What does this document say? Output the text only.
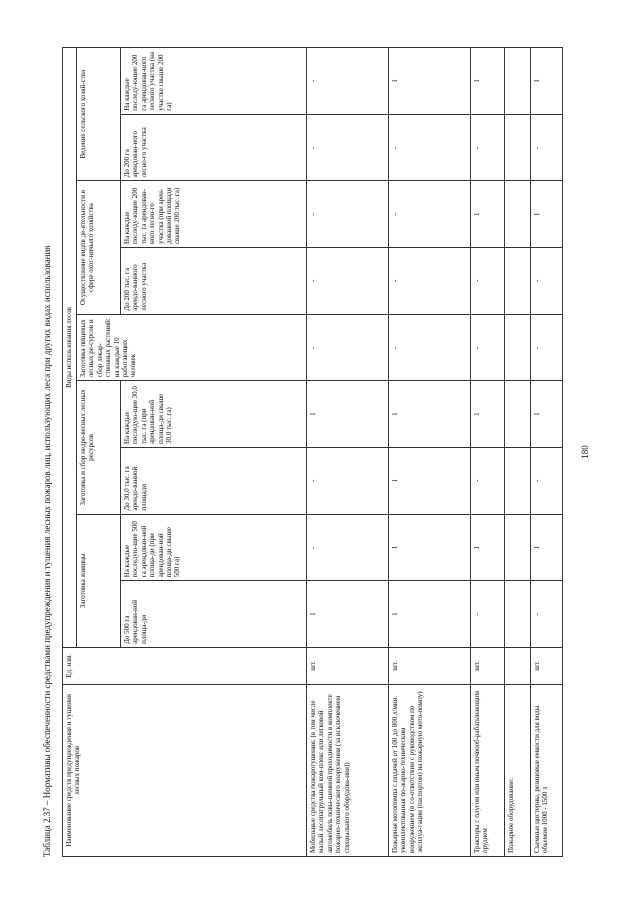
Таблица 2.37 – Нормативы обеспеченности средствами предупреждения и тушения лесных пожаров лиц, использующих леса при других видах использования Наименование средств предупреждения и тушения лесных пожаров	Ед. изм.	Виды использования лесов								
		Заготовка живицы		Заготовка и сбор недре-весных лесных ресурсов		Заготовка пищевых лесных ре-сурсов и сбор лекар-ственных растений: на каждые 10 работающих человек	Осуществление видов де-ятельности в сфере охот-ничьего хозяйства		Ведение сельского хозяй-ства	
		До 500 га арендован-ной площа-ди	На каждые последую-щие 500 га арендован-ной площа-ди (при арендован-ной площа-ди свыше 500 га)	До 30,0 тыс. га арендо-ванной площади	На каждые последую-щие 30,0 тыс. га (при арендован-ной площа-ди свыше 30,0 тыс. га)		До 200 тыс. га арендо-ванного лесного участка	На каждые последу-ющие 200 тыс. га арендован-ного лесно-го участка (при арен-дованной площади свыше 200 тыс. га)	До 200 га арендован-ного лесно-го участка	На каждые последу-ющие 200 га арендован-ного лесного участка (на участке свыше 200 га)
Мобильные средства пожаротушения: (в том числе малый лесопатрульный ком-плекс или легковой автомобиль повы-шенной проходимости в комплекте пожарно-технического вооружения (за исключением специального оборудова-ния))	шт.	1	-	-	1	-	-	-	-	-
Пожарная мотопомпа с подачей от 100 до 800 л/мин. укомплектованная по-жарно-техническим вооружением (в со-ответствии с руководством по эксплуа-тации (паспортом) на пожарную мото-помпу)	шт.	1	1	1	1	-	-	-	-	1
Тракторы с плугом или иным почвооб-рабатывающим орудием	шт.	-	1	-	1	-	-	1	-	1
Пожарное оборудование:										
Съемные цистерны, резиновые емкости для воды объемом 1000 - 1500 л	шт.	-	1	-	1	-	-	1	-	1
180
